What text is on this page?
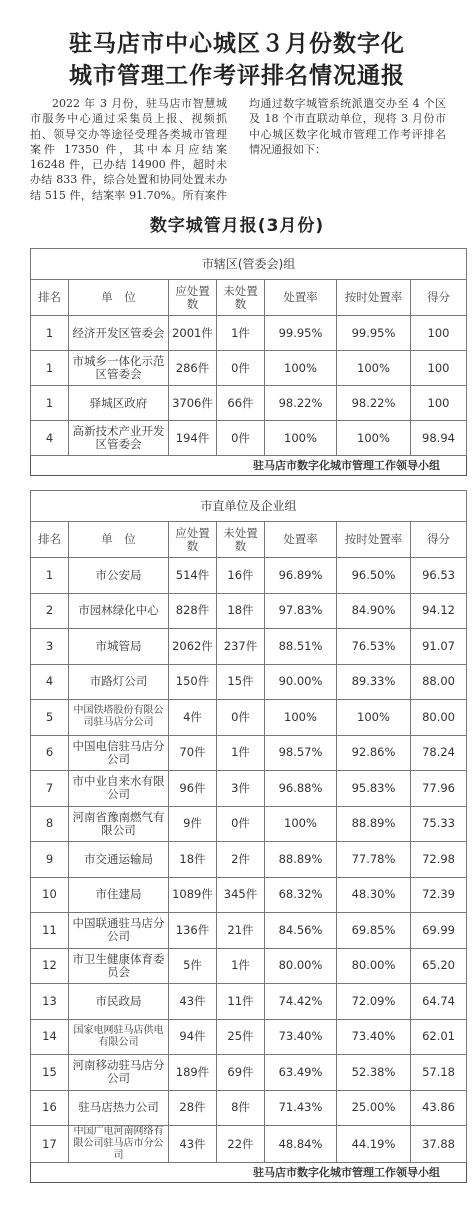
驻马店市中心城区３月份数字化
城市管理工作考评排名情况通报

2022 年 3 月份，驻马店市智慧城市服务中心通过采集员上报、视频抓拍、领导交办等途径受理各类城市管理案件 17350 件，其中本月应结案 16248 件，已办结 14900 件，超时未办结 833 件，综合处置和协同处置未办结 515 件，结案率 91.70%。所有案件均通过数字城管系统派遣交办至 4 个区及 18 个市直联动单位，现将 3 月份市中心城区数字化城市管理工作考评排名情况通报如下：

数字城管月报(3月份)
市辖区(管委会)组						
排名	单　位	应处置数	未处置数	处置率	按时处置率	得分
1	经济开发区管委会	2001件	1件	99.95%	99.95%	100
1	市城乡一体化示范区管委会	286件	0件	100%	100%	100
1	驿城区政府	3706件	66件	98.22%	98.22%	100
4	高新技术产业开发区管委会	194件	0件	100%	100%	98.94
驻马店市数字化城市管理工作领导小组						
市直单位及企业组						
排名	单　位	应处置数	未处置数	处置率	按时处置率	得分
1	市公安局	514件	16件	96.89%	96.50%	96.53
2	市园林绿化中心	828件	18件	97.83%	84.90%	94.12
3	市城管局	2062件	237件	88.51%	76.53%	91.07
4	市路灯公司	150件	15件	90.00%	89.33%	88.00
5	中国铁塔股份有限公司驻马店分公司	4件	0件	100%	100%	80.00
6	中国电信驻马店分公司	70件	1件	98.57%	92.86%	78.24
7	市中业自来水有限公司	96件	3件	96.88%	95.83%	77.96
8	河南省豫南燃气有限公司	9件	0件	100%	88.89%	75.33
9	市交通运输局	18件	2件	88.89%	77.78%	72.98
10	市住建局	1089件	345件	68.32%	48.30%	72.39
11	中国联通驻马店分公司	136件	21件	84.56%	69.85%	69.99
12	市卫生健康体育委员会	5件	1件	80.00%	80.00%	65.20
13	市民政局	43件	11件	74.42%	72.09%	64.74
14	国家电网驻马店供电有限公司	94件	25件	73.40%	73.40%	62.01
15	河南移动驻马店分公司	189件	69件	63.49%	52.38%	57.18
16	驻马店热力公司	28件	8件	71.43%	25.00%	43.86
17	中国广电河南网络有限公司驻马店市分公司	43件	22件	48.84%	44.19%	37.88
驻马店市数字化城市管理工作领导小组						
